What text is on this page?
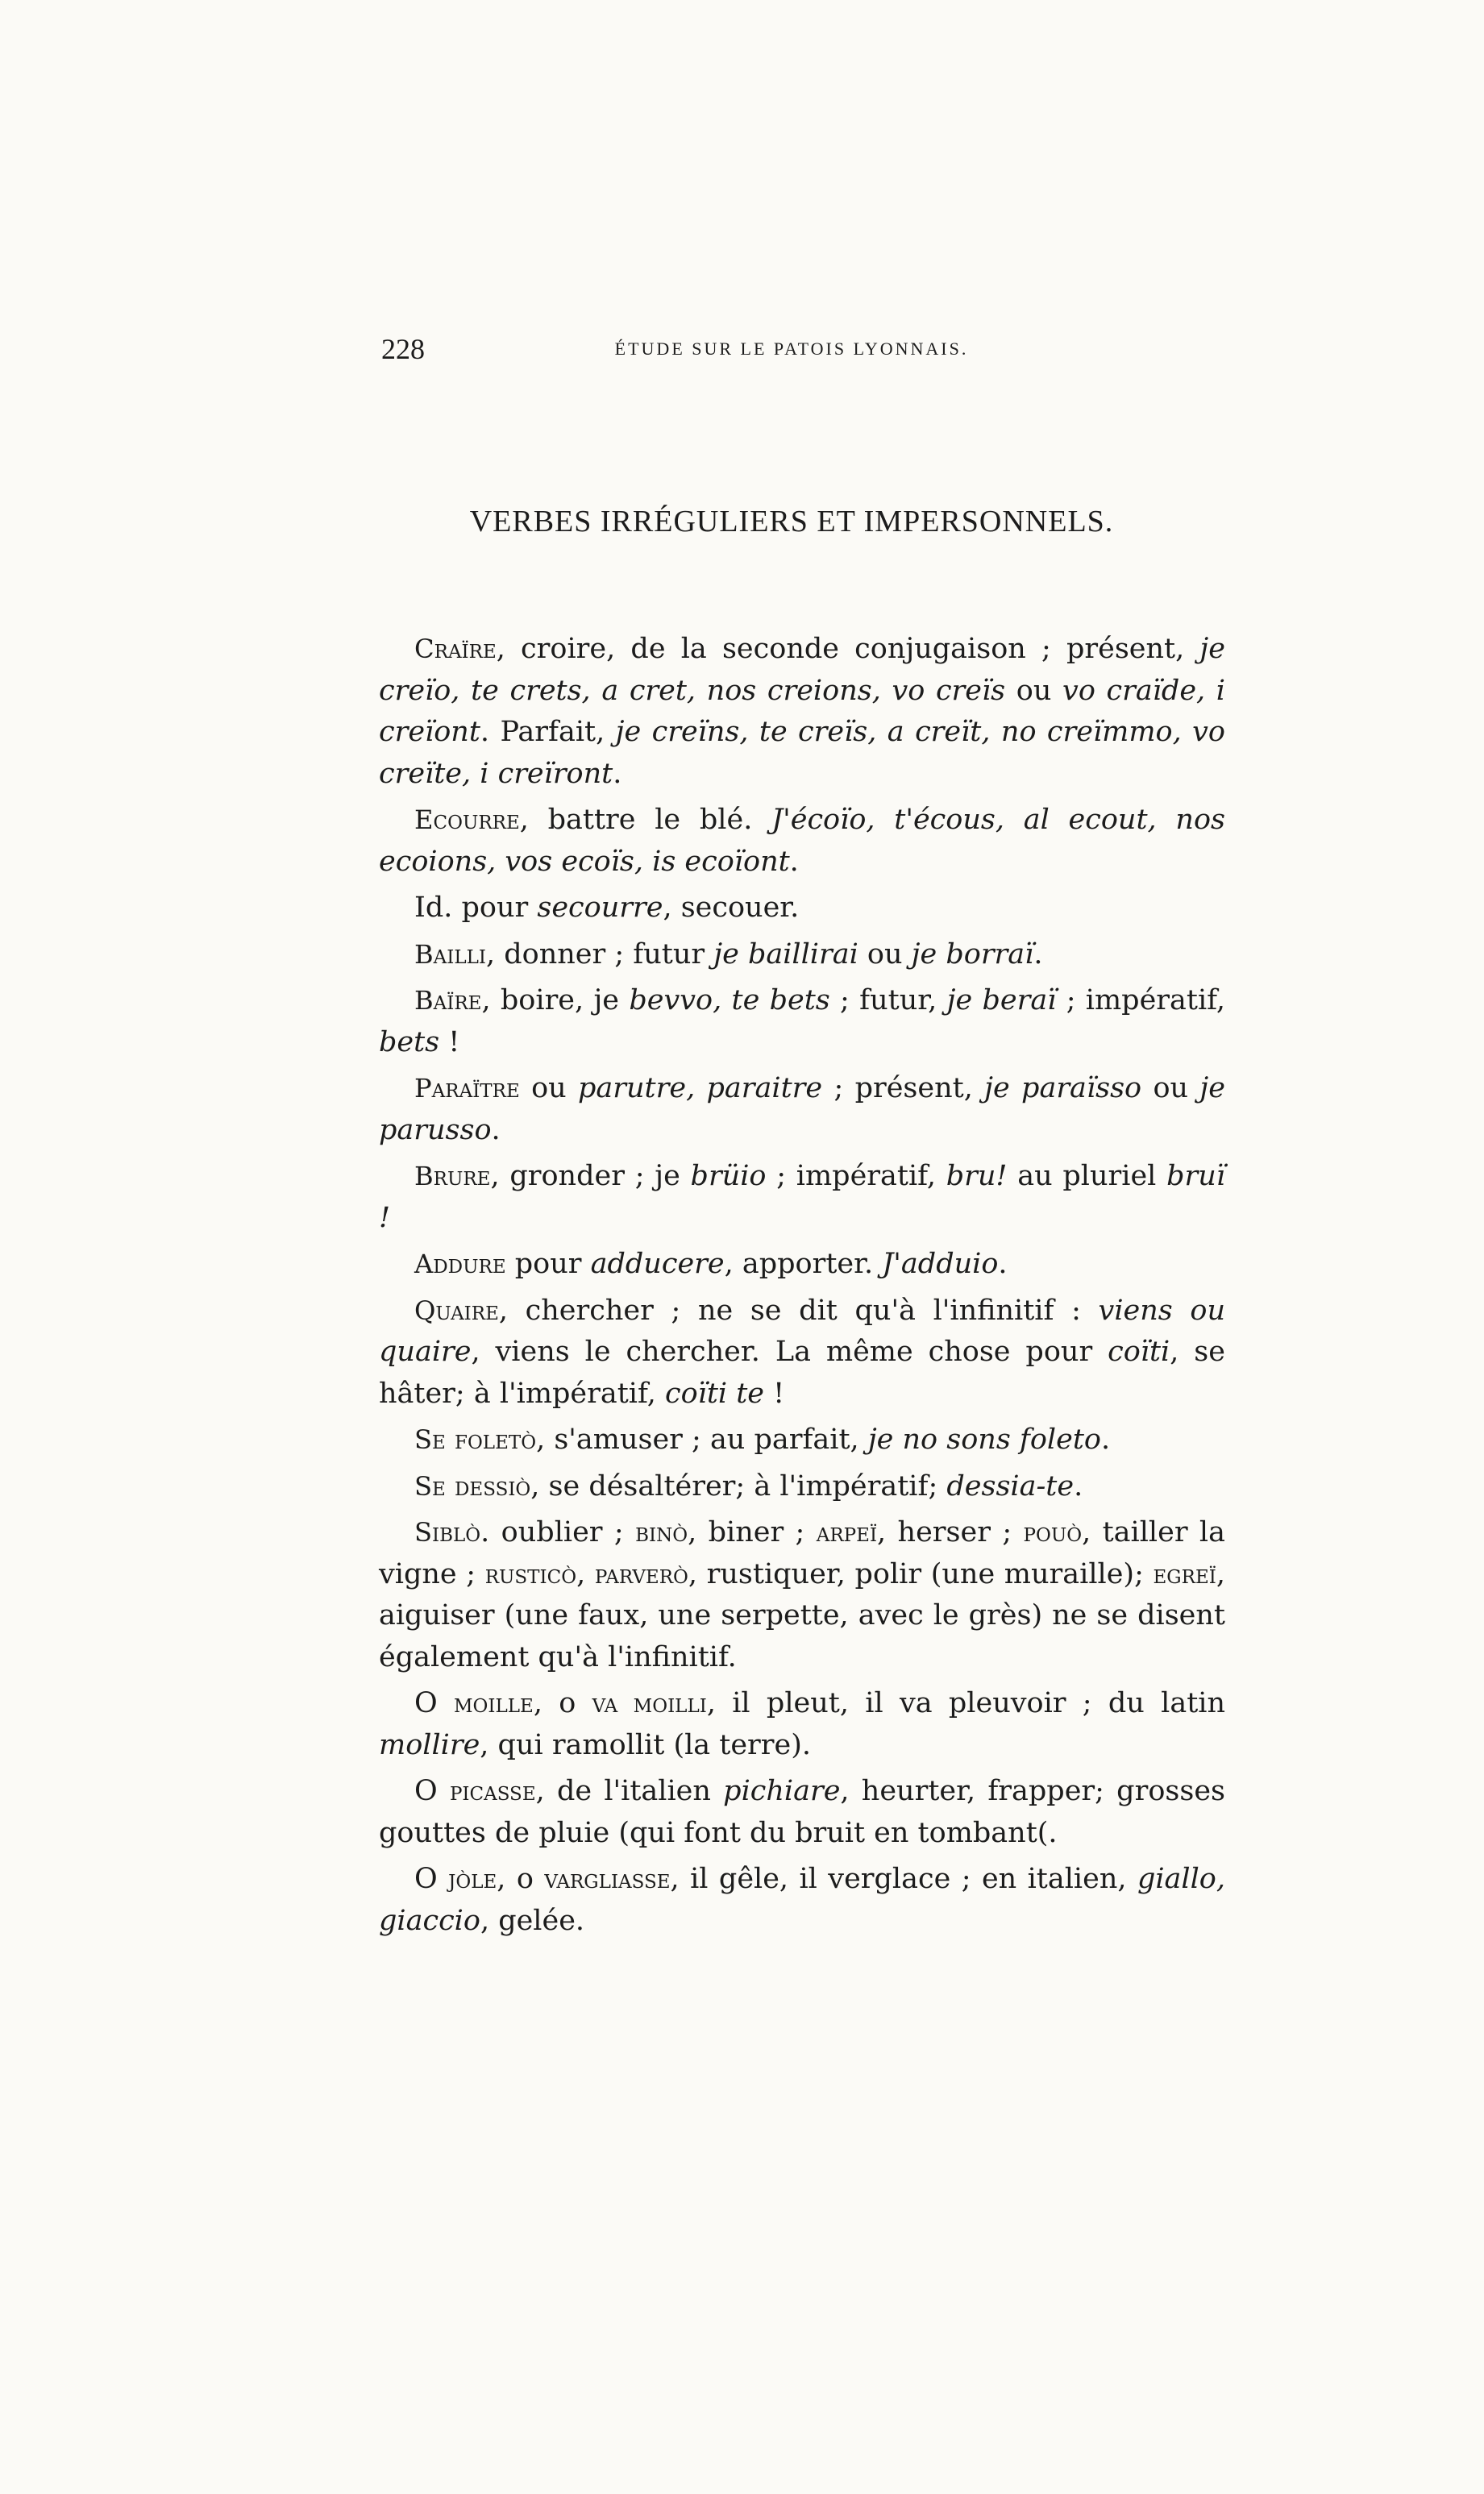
228	ÉTUDE SUR LE PATOIS LYONNAIS.
VERBES IRRÉGULIERS ET IMPERSONNELS.

Craïre, croire, de la seconde conjugaison ; présent, je creïo, te crets, a cret, nos creions, vo creïs ou vo craïde, i creïont. Parfait, je creïns, te creïs, a creït, no creïmmo, vo creïte, i creïront.

Ecourre, battre le blé. J'écoïo, t'écous, al ecout, nos ecoions, vos ecoïs, is ecoïont.

Id. pour secourre, secouer.

Bailli, donner ; futur je baillirai ou je borraï.

Baïre, boire, je bevvo, te bets ; futur, je beraï ; impératif, bets !

Paraïtre ou parutre, paraitre ; présent, je paraïsso ou je parusso.

Brure, gronder ; je brüio ; impératif, bru! au pluriel bruï !

Addure pour adducere, apporter. J'adduio.

Quaire, chercher ; ne se dit qu'à l'infinitif : viens ou quaire, viens le chercher. La même chose pour coïti, se hâter; à l'impératif, coïti te !

Se foletò, s'amuser ; au parfait, je no sons foleto.

Se dessiò, se désaltérer; à l'impératif; dessia-te.

Siblò. oublier ; binò, biner ; arpeï, herser ; pouò, tailler la vigne ; rusticò, parverò, rustiquer, polir (une muraille); egreï, aiguiser (une faux, une serpette, avec le grès) ne se disent également qu'à l'infinitif.

O moille, o va moilli, il pleut, il va pleuvoir ; du latin mollire, qui ramollit (la terre).

O picasse, de l'italien pichiare, heurter, frapper; grosses gouttes de pluie (qui font du bruit en tombant(.

O jòle, o vargliasse, il gêle, il verglace ; en italien, giallo, giaccio, gelée.
